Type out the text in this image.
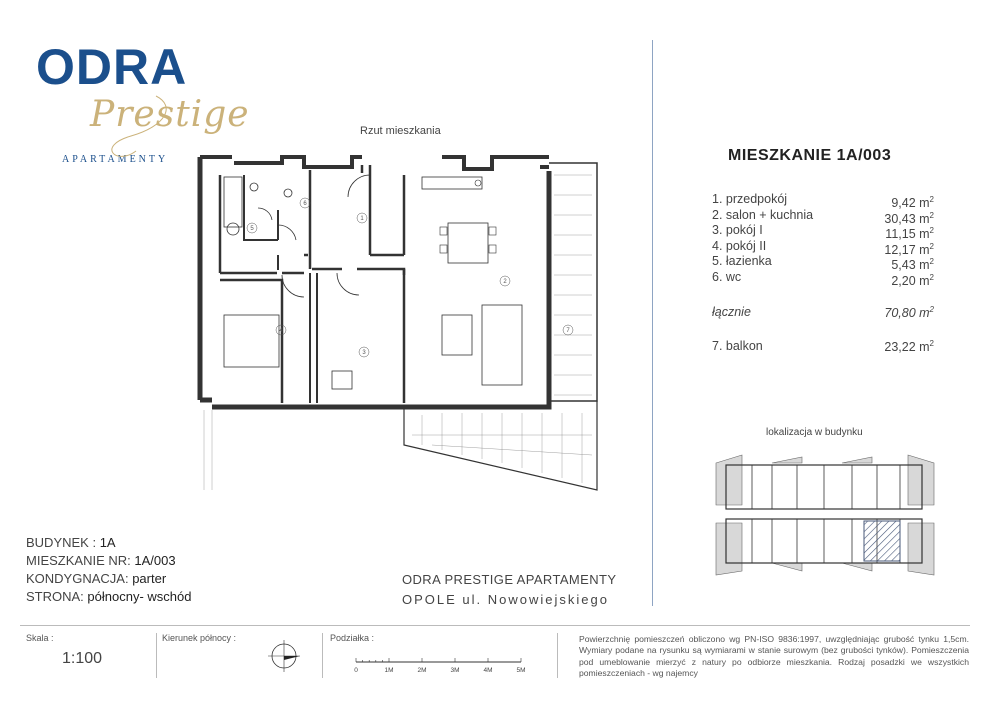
ODRA
Prestige
APARTAMENTY
Rzut mieszkania
1
2
3
4
5
6
7
MIESZKANIE 1A/003
1. przedpokój	9,42 $m^2$
2. salon + kuchnia	30,43 $m^2$
3. pokój I	11,15 $m^2$
4. pokój II	12,17 $m^2$
5. łazienka	5,43 $m^2$
6. wc	2,20 $m^2$
łącznie	70,80 $m^2$
7. balkon	23,22 $m^2$
lokalizacja w budynku
BUDYNEK : 1A
MIESZKANIE NR: 1A/003
KONDYGNACJA: parter
STRONA: północny- wschód
ODRA PRESTIGE APARTAMENTY
OPOLE ul. Nowowiejskiego
Skala :
1:100
Kierunek północy :	Podziałka :
0	1M	2M	3M	4M	5M
Powierzchnię pomieszczeń obliczono wg PN-ISO 9836:1997, uwzględniając grubość tynku 1,5cm. Wymiary podane na rysunku są wymiarami w stanie surowym (bez grubości tynków). Pomieszczenia pod umeblowanie mierzyć z natury po odbiorze mieszkania. Rodzaj posadzki we wszystkich pomieszczeniach - wg najemcy
